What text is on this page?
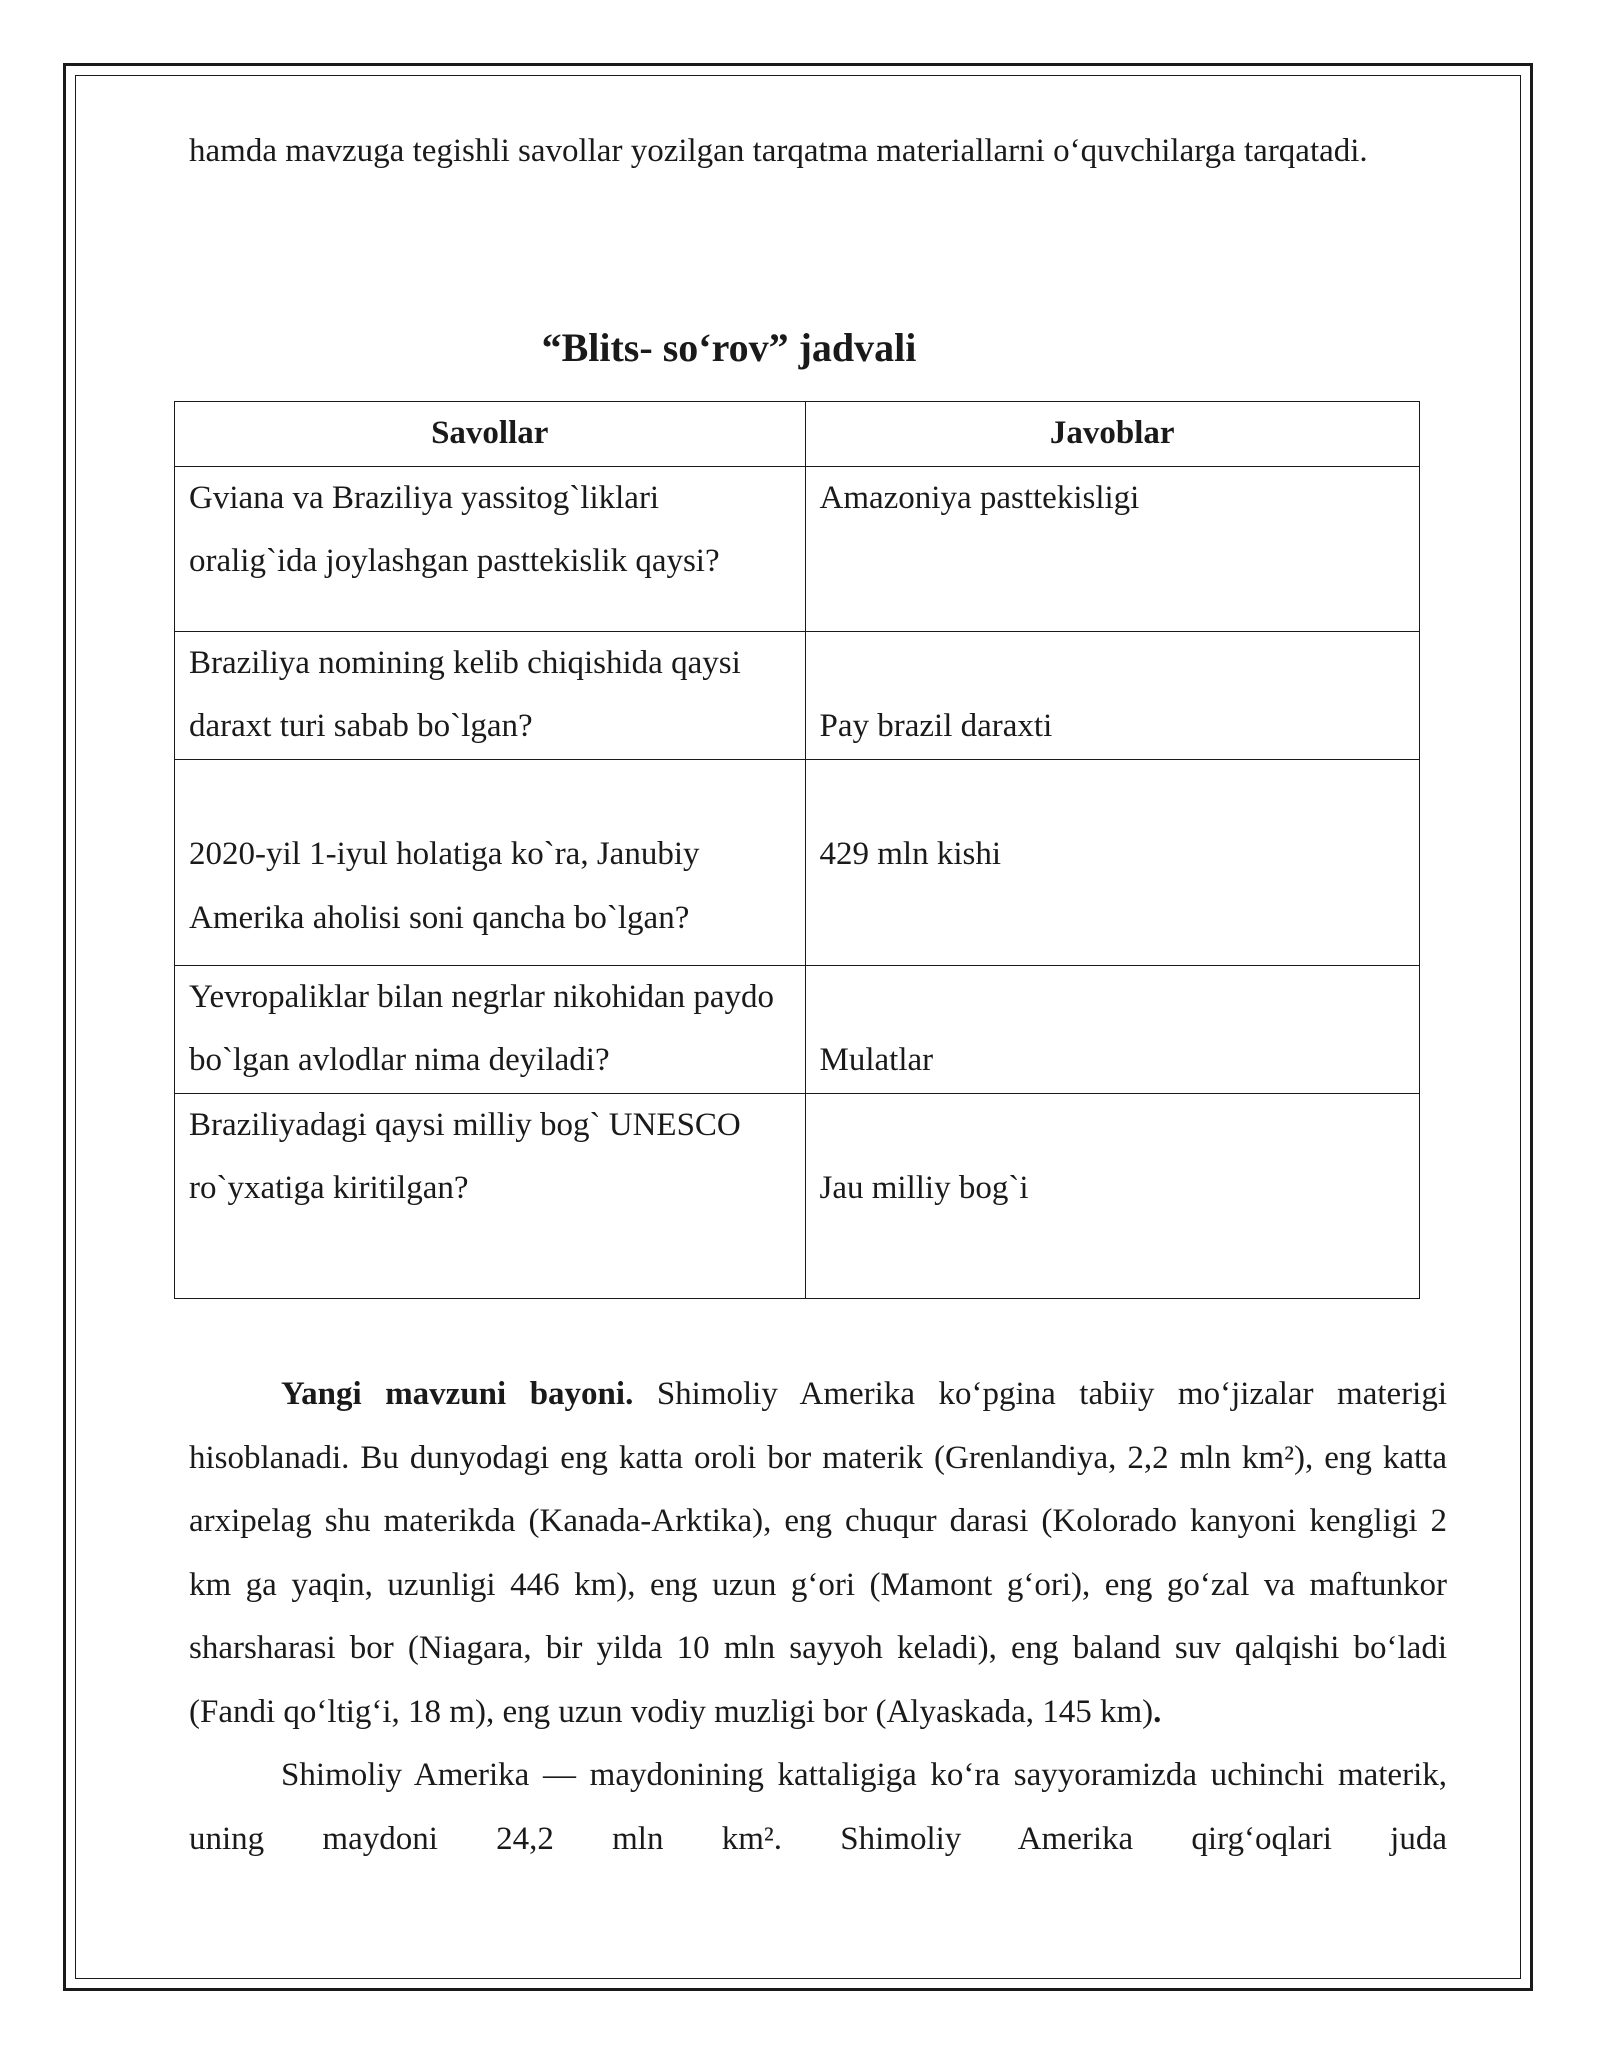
hamda mavzuga tegishli savollar yozilgan tarqatma materiallarni o‘quvchilarga tarqatadi.

“Blits- so‘rov” jadvali
Savollar	Javoblar
Gviana va Braziliya yassitog`liklari oralig`ida joylashgan pasttekislik qaysi?	Amazoniya pasttekisligi
Braziliya nomining kelib chiqishida qaysi daraxt turi sabab bo`lgan?	Pay brazil daraxti
2020-yil 1-iyul holatiga ko`ra, Janubiy Amerika aholisi soni qancha bo`lgan?	429 mln kishi
Yevropaliklar bilan negrlar nikohidan paydo bo`lgan avlodlar nima deyiladi?	Mulatlar
Braziliyadagi qaysi milliy bog` UNESCO ro`yxatiga kiritilgan?	Jau milliy bog`i

Yangi mavzuni bayoni. Shimoliy Amerika ko‘pgina tabiiy mo‘jizalar materigi hisoblanadi. Bu dunyodagi eng katta oroli bor materik (Grenlandiya, 2,2 mln km²), eng katta arxipelag shu materikda (Kanada-Arktika), eng chuqur darasi (Kolorado kanyoni kengligi 2 km ga yaqin, uzunligi 446 km), eng uzun g‘ori (Mamont g‘ori), eng go‘zal va maftunkor sharsharasi bor (Niagara, bir yilda 10 mln sayyoh keladi), eng baland suv qalqishi bo‘ladi (Fandi qo‘ltig‘i, 18 m), eng uzun vodiy muzligi bor (Alyaskada, 145 km).

Shimoliy Amerika — maydonining kattaligiga ko‘ra sayyoramizda uchinchi materik, uning maydoni 24,2 mln km². Shimoliy Amerika qirg‘oqlari juda
